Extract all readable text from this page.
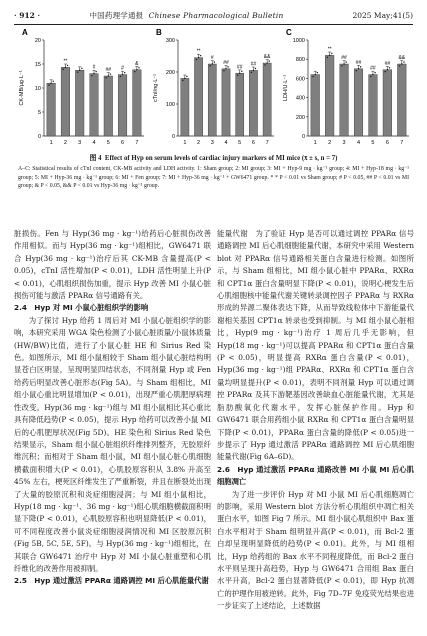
· 912 ·	中国药理学通报 Chinese Pharmacological Bulletin	2025 May;41(5)
A
0
5
10
15
20
CK-MB/μg·L⁻¹
1
**
2 3
#
4
##
5
#
6
&
7
B
0
100
200
300
cTnI/ng·L⁻¹
1
**
2
#
3
##
4
##
5
##
6
&&
7
C
0
200
400
600
800
1000
LDH/U·L⁻¹
1
**
2
##
3
##
4
##
5
##
6
&&
7
图 4 Effect of Hyp on serum levels of cardiac injury markers of MI mice (x̄ ± s, n = 7)
A–C: Statistical results of cTnI content, CK-MB activity and LDH activity. 1: Sham group; 2: MI group; 3: MI + Hyp-9 mg · kg⁻¹ group; 4: MI + Hyp-18 mg · kg⁻¹ group; 5: MI + Hyp-36 mg · kg⁻¹ group; 6: MI + Fen group; 7: MI + Hyp-36 mg · kg⁻¹ + GW6471 group. * * P < 0.01 vs Sham group; # P < 0.05, ## P < 0.01 vs MI group; & P < 0.05, && P < 0.01 vs Hyp-36 mg · kg⁻¹ group.

脏损伤。Fen 与 Hyp(36 mg · kg⁻¹)给药后心脏损伤改善作用相似。而与 Hyp(36 mg · kg⁻¹)组相比，GW6471 联合 Hyp(36 mg · kg⁻¹)治疗后其 CK-MB 含量提高(P < 0.05)，cTnI 活性增加(P < 0.01)，LDH 活性明显上升(P < 0.01)，心肌组织损伤加重，提示 Hyp 改善 MI 小鼠心脏损伤可能与激活 PPARα 信号通路有关。

2.4　Hyp 对 MI 小鼠心脏组织学的影响

为了探讨 Hyp 给药 1 周后对 MI 小鼠心脏组织学的影响，本研究采用 WGA 染色检测了小鼠心脏质量/小鼠体质量(HW/BW)比值，进行了小鼠心脏 HE 和 Sirius Red 染色。如图所示，MI 组小鼠相较于 Sham 组小鼠心脏结构明显苍白区明显，呈现明显四结状态，不同剂量 Hyp 或 Fen 给药后明显改善心脏形态(Fig 5A)。与 Sham 组相比，MI 组小鼠心重比明显增加(P < 0.01)，出现严重心肌肥厚病理性改变。Hyp(36 mg · kg⁻¹)组与 MI 组小鼠相比其心重比具有降低趋势(P < 0.05)，提示 Hyp 给药可以改善小鼠 MI 后的心肌肥厚状况(Fig 5D)。HE 染色和 Sirius Red 染色结果显示，Sham 组小鼠心脏组织纤维排列整齐，无胶原纤维沉积；而相对于 Sham 组小鼠，MI 组小鼠心脏心肌细胞横截面积增大(P < 0.01)，心肌胶原容积从 3.8% 升高至 45% 左右，梗死区纤维发生了严重断裂，并且在断裂处出现了大量的胶原沉积和炎症细胞浸润；与 MI 组小鼠相比，Hyp(18 mg · kg⁻¹、36 mg · kg⁻¹)组心肌细胞横截面积明显下降(P < 0.01)，心肌胶原容积也明显降低(P < 0.01)，可不同程度改善小鼠炎症细胞浸润情况和 MI 区胶原沉积(Fig 5B, 5C, 5E, 5F)。与 Hyp(36 mg · kg⁻¹)组相比，在其联合 GW6471 治疗中 Hyp 对 MI 小鼠心脏重塑和心肌纤维化的改善作用被抑制。

2.5　Hyp 通过激活 PPARα 通路调控 MI 后心肌能量代谢

能量代谢　为了验证 Hyp 是否可以通过调控 PPARα 信号通路调控 MI 后心肌细胞能量代谢，本研究中采用 Western blot 对 PPARα 信号通路相关蛋白含量进行检测。如图所示，与 Sham 组相比，MI 组小鼠心脏中 PPARα、RXRα 和 CPT1α 蛋白含量明显下降(P < 0.01)，说明心梗发生后心肌细胞核中能量代谢关键转录调控因子 PPARα 与 RXRα 形成的异源二聚体表达下降，从而导致线粒体中下游能量代谢相关基因 CPT1α 转录也受到抑制。与 MI 组小鼠心脏相比，Hyp(9 mg · kg⁻¹)治疗 1 周后几乎无影响，但 Hyp(18 mg · kg⁻¹)可以提高 PPARα 和 CPT1α 蛋白含量(P < 0.05)，明显提高 RXRα 蛋白含量(P < 0.01)，Hyp(36 mg · kg⁻¹)组 PPARα、RXRα 和 CPT1α 蛋白含量均明显提升(P < 0.01)，表明不同剂量 Hyp 可以通过调控 PPARα 及其下游靶基因改善缺血心脏能量代谢，尤其是脂肪酸氧化代谢水平，发挥心脏保护作用。Hyp 和 GW6471 联合用药组小鼠 RXRα 和 CPT1α 蛋白含量明显下降(P < 0.01)，PPARα 蛋白含量的降低(P < 0.05)进一步提示了 Hyp 通过激活 PPARα 通路调控 MI 后心肌细胞能量代谢(Fig 6A–6D)。

2.6　Hyp 通过激活 PPARα 通路改善 MI 小鼠 MI 后心肌细胞凋亡

为了进一步评价 Hyp 对 MI 小鼠 MI 后心肌细胞凋亡的影响，采用 Western blot 方法分析心肌组织中凋亡相关蛋白水平，如图 Fig 7 所示。MI 组小鼠心肌组织中 Bax 蛋白水平相对于 Sham 组明显升高(P < 0.01)，而 Bcl-2 蛋白却呈现明显降低的趋势(P < 0.01)。此外，与 MI 组相比，Hyp 给药组的 Bax 水平不同程度降低，而 Bcl-2 蛋白水平则呈现升高趋势，Hyp 与 GW6471 合用组 Bax 蛋白水平升高，Bcl-2 蛋白显著降低(P < 0.01)，即 Hyp 抗凋亡的护理作用被逆转。此外，Fig 7D–7F 免疫荧光结果也进一步证实了上述结论，上述数据
